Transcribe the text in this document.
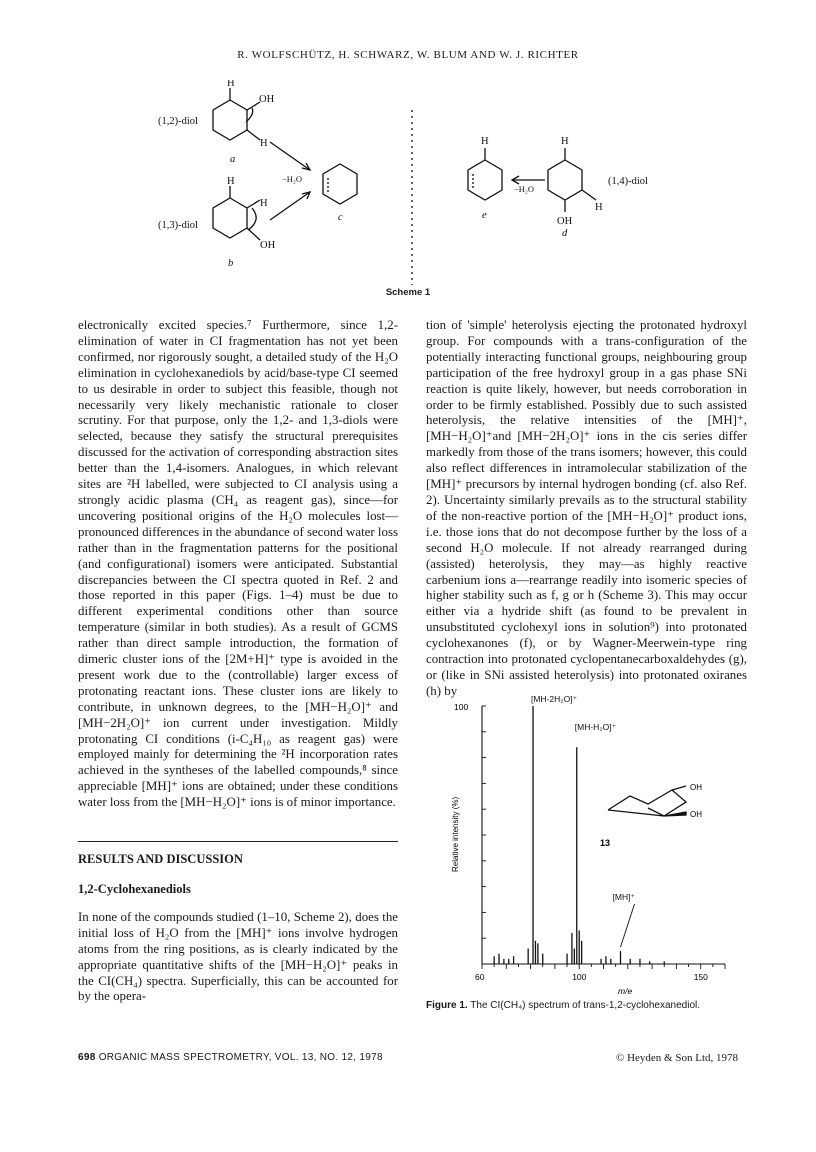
R. WOLFSCHÜTZ, H. SCHWARZ, W. BLUM AND W. J. RICHTER
(1,2)-diol
a
H
OH
H
−H₂O
c
(1,3)-diol
H
H
OH
b
H
e
−H₂O
H
H
OH
d
(1,4)-diol
Scheme 1

electronically excited species.⁷ Furthermore, since 1,2-elimination of water in CI fragmentation has not yet been confirmed, nor rigorously sought, a detailed study of the H₂O elimination in cyclohexanediols by acid/base-type CI seemed to us desirable in order to subject this feasible, though not necessarily very likely mechanistic rationale to closer scrutiny. For that purpose, only the 1,2- and 1,3-diols were selected, because they satisfy the structural prerequisites discussed for the activation of corresponding abstraction sites better than the 1,4-isomers. Analogues, in which relevant sites are ²H labelled, were subjected to CI analysis using a strongly acidic plasma (CH₄ as reagent gas), since—for uncovering positional origins of the H₂O molecules lost—pronounced differences in the abundance of second water loss rather than in the fragmentation patterns for the positional (and configurational) isomers were anticipated. Substantial discrepancies between the CI spectra quoted in Ref. 2 and those reported in this paper (Figs. 1–4) must be due to different experimental conditions other than source temperature (similar in both studies). As a result of GCMS rather than direct sample introduction, the formation of dimeric cluster ions of the [2M+H]⁺ type is avoided in the present work due to the (controllable) larger excess of protonating reactant ions. These cluster ions are likely to contribute, in unknown degrees, to the [MH−H₂O]⁺ and [MH−2H₂O]⁺ ion current under investigation. Mildly protonating CI conditions (i-C₄H₁₀ as reagent gas) were employed mainly for determining the ²H incorporation rates achieved in the syntheses of the labelled compounds,⁸ since appreciable [MH]⁺ ions are obtained; under these conditions water loss from the [MH−H₂O]⁺ ions is of minor importance.

RESULTS AND DISCUSSION
1,2-Cyclohexanediols

In none of the compounds studied (1–10, Scheme 2), does the initial loss of H₂O from the [MH]⁺ ions involve hydrogen atoms from the ring positions, as is clearly indicated by the appropriate quantitative shifts of the [MH−H₂O]⁺ peaks in the CI(CH₄) spectra. Superficially, this can be accounted for by the opera-

tion of 'simple' heterolysis ejecting the protonated hydroxyl group. For compounds with a trans-configuration of the potentially interacting functional groups, neighbouring group participation of the free hydroxyl group in a gas phase SNi reaction is quite likely, however, but needs corroboration in order to be firmly established. Possibly due to such assisted heterolysis, the relative intensities of the [MH]⁺, [MH−H₂O]⁺and [MH−2H₂O]⁺ ions in the cis series differ markedly from those of the trans isomers; however, this could also reflect differences in intramolecular stabilization of the [MH]⁺ precursors by internal hydrogen bonding (cf. also Ref. 2). Uncertainty similarly prevails as to the structural stability of the non-reactive portion of the [MH−H₂O]⁺ product ions, i.e. those ions that do not decompose further by the loss of a second H₂O molecule. If not already rearranged during (assisted) heterolysis, they may—as highly reactive carbenium ions a—rearrange readily into isomeric species of higher stability such as f, g or h (Scheme 3). This may occur either via a hydride shift (as found to be prevalent in unsubstituted cyclohexyl ions in solution⁹) into protonated cyclohexanones (f), or by Wagner-Meerwein-type ring contraction into protonated cyclopentanecarboxaldehydes (g), or (like in SNi assisted heterolysis) into protonated oxiranes (h) by

60	100	150
100
Relative intensity (%)
m/e
[MH-2H₂O]⁺
[MH-H₂O]⁺
[MH]⁺
OH
OH
13
Figure 1. The CI(CH₄) spectrum of trans-1,2-cyclohexanediol.
698 ORGANIC MASS SPECTROMETRY, VOL. 13, NO. 12, 1978	© Heyden & Son Ltd, 1978
